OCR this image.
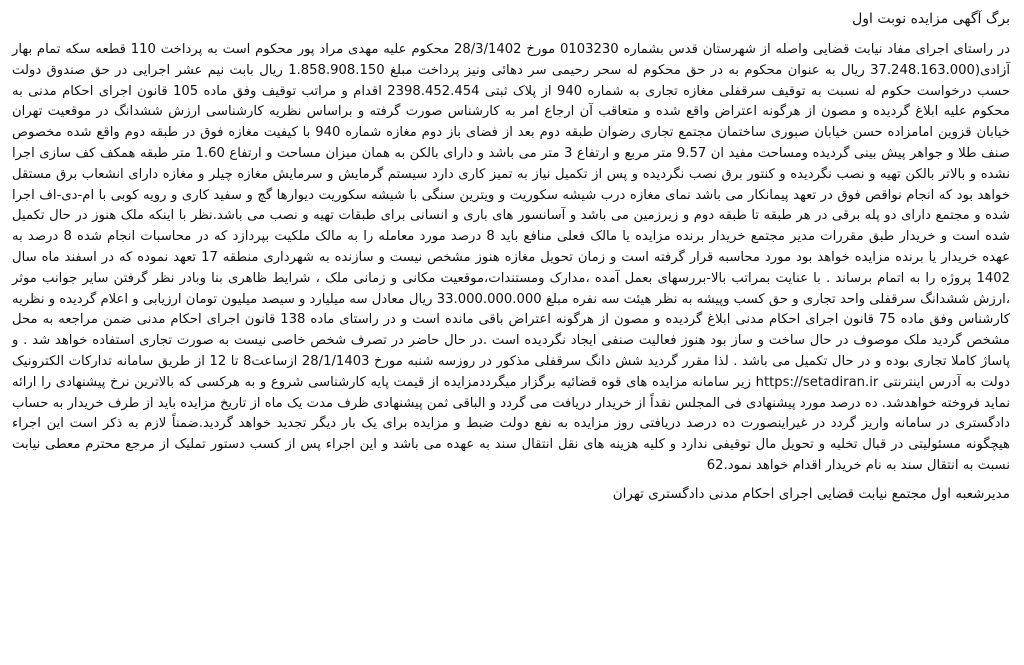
برگ آگهی مزایده نوبت اول

در راستای اجرای مفاد نیابت قضایی واصله از شهرستان قدس بشماره 0103230 مورخ 28/3/1402 محکوم علیه مهدی مراد پور محکوم است به پرداخت 110 قطعه سکه تمام بهار آزادی(37.248.163.000 ریال به عنوان محکوم به در حق محکوم له سحر رحیمی سر دهائی ونیز پرداخت مبلغ 1.858.908.150 ریال بابت نیم عشر اجرایی در حق صندوق دولت حسب درخواست حکوم له نسبت به توقیف سرقفلی مغازه تجاری به شماره 940 از پلاک ثبتی 2398.452.454 اقدام و مراتب توقیف وفق ماده 105 قانون اجرای احکام مدنی به محکوم علیه ابلاغ گردیده و مصون از هرگونه اعتراض واقع شده و متعاقب آن ارجاع امر به کارشناس صورت گرفته و براساس نظریه کارشناسی ارزش ششدانگ در موقعیت تهران خیابان قزوین امامزاده حسن خیابان صبوری ساختمان مجتمع تجاری رضوان طبقه دوم بعد از فضای باز دوم مغازه شماره 940 با کیفیت مغازه فوق در طبقه دوم واقع شده مخصوص صنف طلا و جواهر پیش بینی گردیده ومساحت مفید ان 9.57 متر مربع و ارتفاع 3 متر می باشد و دارای بالکن به همان میزان مساحت و ارتفاع 1.60 متر طبقه همکف کف سازی اجرا نشده و بالاتر بالکن تهیه و نصب نگردیده و کنتور برق نصب نگردیده و پس از تکمیل نیاز به تمیز کاری دارد سیستم گرمایش و سرمایش مغازه چیلر و مغازه دارای انشعاب برق مستقل خواهد بود که انجام نواقص فوق در تعهد پیمانکار می باشد نمای مغازه درب شیشه سکوریت و ویترین سنگی با شیشه سکوریت دیوارها گچ و سفید کاری و رویه کوبی با ام-دی-اف اجرا شده و مجتمع دارای دو پله برقی در هر طبقه تا طبقه دوم و زیرزمین می باشد و آسانسور های باری و انسانی برای طبقات تهیه و نصب می باشد.نظر با اینکه ملک هنوز در حال تکمیل شده است و خریدار طبق مقررات مدیر مجتمع خریدار برنده مزایده یا مالک فعلی منافع باید 8 درصد مورد معامله را به مالک ملکیت بپردازد که در محاسبات انجام شده 8 درصد به عهده خریدار یا برنده مزایده خواهد بود مورد محاسبه قرار گرفته است و زمان تحویل مغازه هنوز مشخص نیست و سازنده به شهرداری منطقه 17 تعهد نموده که در اسفند ماه سال 1402 پروژه را به اتمام برساند . با عنایت بمراتب بالا-بررسهای بعمل آمده ،مدارک ومستندات،موقعیت مکانی و زمانی ملک ، شرایط ظاهری بنا وبادر نظر گرفتن سایر جوانب موثر ،ارزش ششدانگ سرقفلی واحد تجاری و حق کسب وپیشه به نظر هیئت سه نفره مبلغ 33.000.000.000 ریال معادل سه میلیارد و سیصد میلیون تومان ارزیابی و اعلام گردیده و نظریه کارشناس وفق ماده 75 قانون اجرای احکام مدنی ابلاغ گردیده و مصون از هرگونه اعتراض باقی مانده است و در راستای ماده 138 قانون اجرای احکام مدنی ضمن مراجعه به محل مشخص گردید ملک موصوف در حال ساخت و ساز بود هنوز فعالیت صنفی ایجاد نگردیده است .در حال حاضر در تصرف شخص خاصی نیست به صورت تجاری استفاده خواهد شد . و پاساژ کاملا تجاری بوده و در حال تکمیل می باشد . لذا مقرر گردید شش دانگ سرقفلی مذکور در روزسه شنبه مورخ 28/1/1403 ازساعت8 تا 12 از طریق سامانه تدارکات الکترونیک دولت به آدرس اینترنتی https://setadiran.ir زیر سامانه مزایده های قوه قضائیه برگزار میگرددمزایده از قیمت پایه کارشناسی شروع و به هرکسی که بالاترین نرخ پیشنهادی را ارائه نماید فروخته خواهدشد. ده درصد مورد پیشنهادی فی المجلس نقداً از خریدار دریافت می گردد و الباقی ثمن پیشنهادی ظرف مدت یک ماه از تاریخ مزایده باید از طرف خریدار به حساب دادگستری در سامانه واریز گردد در غیراینصورت ده درصد دریافتی روز مزایده به نفع دولت ضبط و مزایده برای یک بار دیگر تجدید خواهد گردید.ضمناً لازم به ذکر است این اجراء هیچگونه مسئولیتی در قبال تخلیه و تحویل مال توقیفی ندارد و کلیه هزینه های نقل انتقال سند به عهده می باشد و این اجراء پس از کسب دستور تملیک از مرجع محترم معطی نیابت نسبت به انتقال سند به نام خریدار اقدام خواهد نمود.62

مدیرشعبه اول مجتمع نیابت قضایی اجرای احکام مدنی دادگستری تهران
